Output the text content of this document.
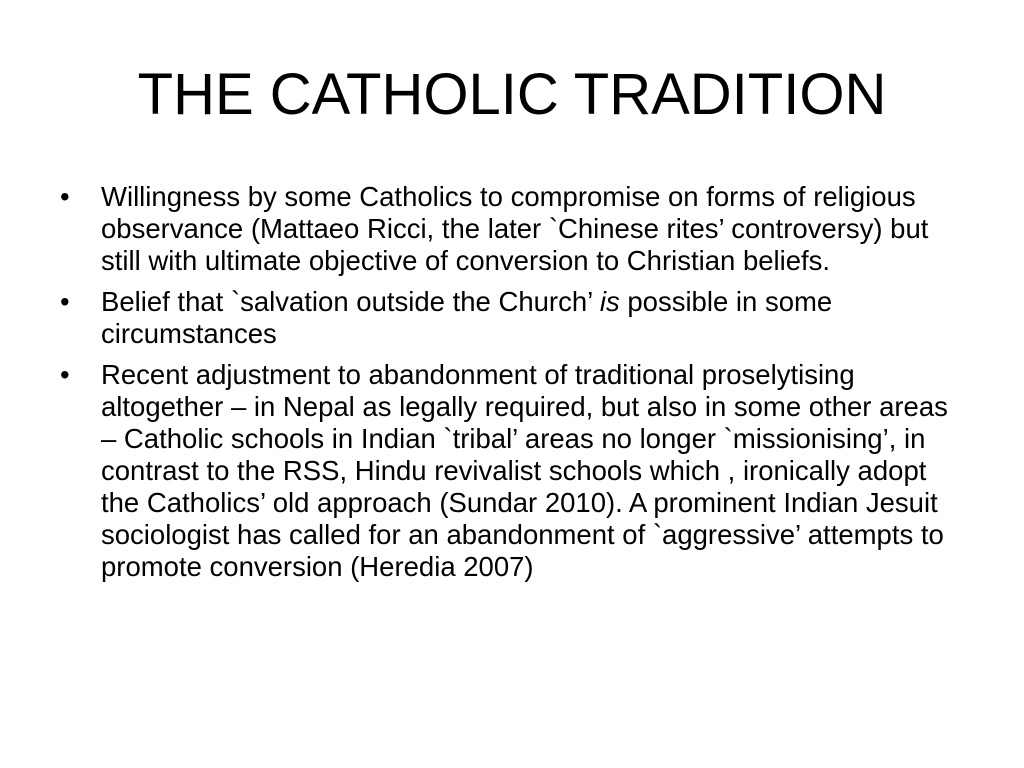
THE CATHOLIC TRADITION
•	Willingness by some Catholics to compromise on forms of religious observance (Mattaeo Ricci, the later `Chinese rites’ controversy) but still with ultimate objective of conversion to Christian beliefs.
•	Belief that `salvation outside the Church’ is possible in some circumstances
•	Recent adjustment to abandonment of traditional proselytising altogether – in Nepal as legally required, but also in some other areas – Catholic schools in Indian `tribal’ areas no longer `missionising’, in contrast to the RSS, Hindu revivalist schools which , ironically adopt the Catholics’ old approach (Sundar 2010). A prominent Indian Jesuit sociologist has called for an abandonment of `aggressive’ attempts to promote conversion (Heredia 2007)
